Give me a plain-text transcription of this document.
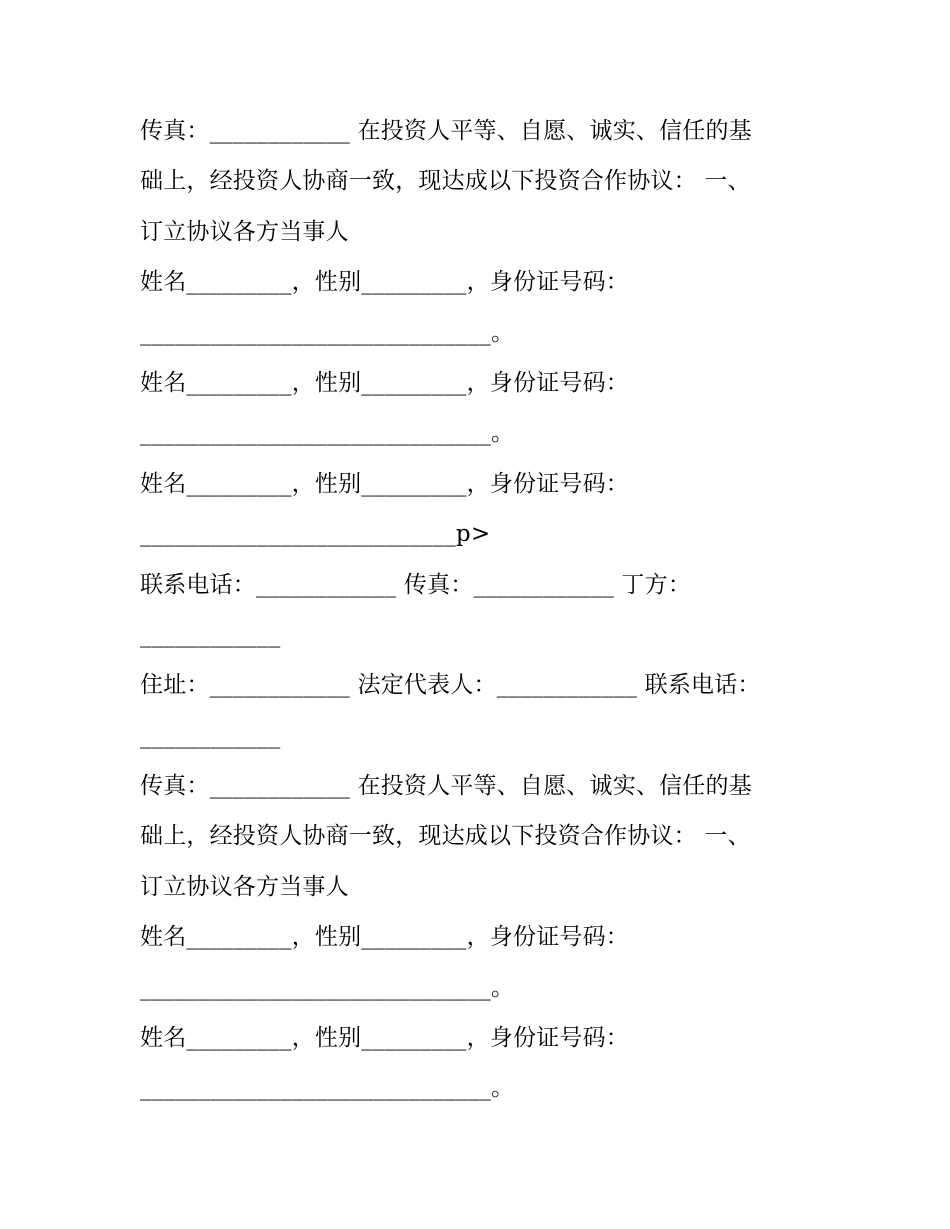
传真：____________ 在投资人平等、自愿、诚实、信任的基
础上，经投资人协商一致，现达成以下投资合作协议： 一、
订立协议各方当事人
姓名_________，性别_________，身份证号码：
______________________________。
姓名_________，性别_________，身份证号码：
______________________________。
姓名_________，性别_________，身份证号码：
___________________________p>
联系电话：____________ 传真：____________ 丁方：
____________
住址：____________ 法定代表人：____________ 联系电话：
____________
传真：____________ 在投资人平等、自愿、诚实、信任的基
础上，经投资人协商一致，现达成以下投资合作协议： 一、
订立协议各方当事人
姓名_________，性别_________，身份证号码：
______________________________。
姓名_________，性别_________，身份证号码：
______________________________。
